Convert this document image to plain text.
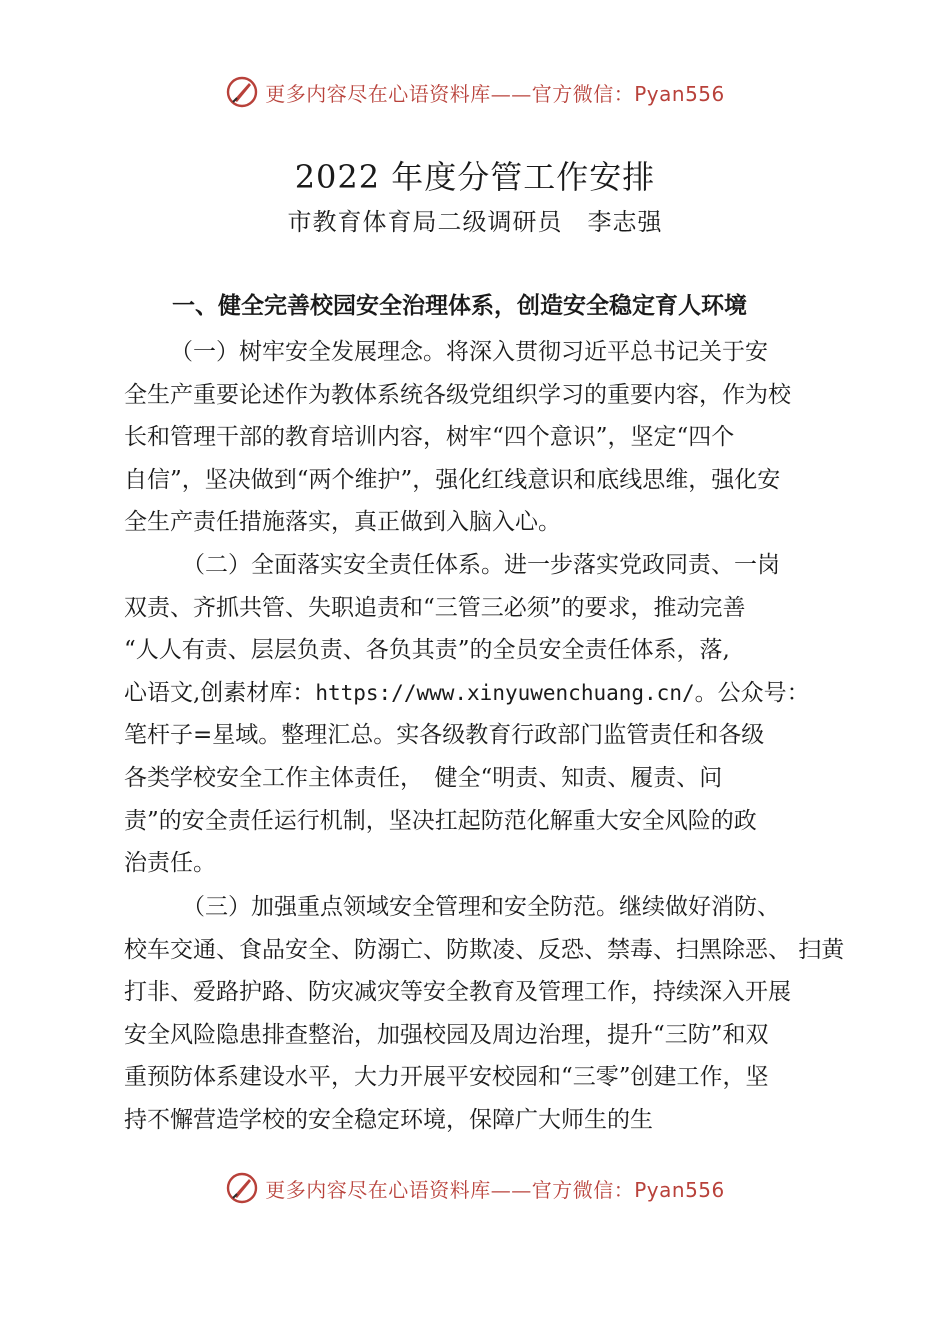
更多内容尽在心语资料库——官方微信：Pyan556
2022 年度分管工作安排

市教育体育局二级调研员　李志强

一、健全完善校园安全治理体系，创造安全稳定育人环境
（一）树牢安全发展理念。将深入贯彻习近平总书记关于安
全生产重要论述作为教体系统各级党组织学习的重要内容，作为校
长和管理干部的教育培训内容，树牢“四个意识”，坚定“四个
自信”，坚决做到“两个维护”，强化红线意识和底线思维，强化安
全生产责任措施落实，真正做到入脑入心。
（二）全面落实安全责任体系。进一步落实党政同责、一岗
双责、齐抓共管、失职追责和“三管三必须”的要求，推动完善
“人人有责、层层负责、各负其责”的全员安全责任体系，落,
心语文,创素材库：https://www.xinyuwenchuang.cn/。公众号：
笔杆子=星域。整理汇总。实各级教育行政部门监管责任和各级
各类学校安全工作主体责任，　健全“明责、知责、履责、问
责”的安全责任运行机制，坚决扛起防范化解重大安全风险的政
治责任。
（三）加强重点领域安全管理和安全防范。继续做好消防、
校车交通、食品安全、防溺亡、防欺凌、反恐、禁毒、扫黑除恶、 扫黄
打非、爱路护路、防灾减灾等安全教育及管理工作，持续深入开展
安全风险隐患排查整治，加强校园及周边治理，提升“三防”和双
重预防体系建设水平，大力开展平安校园和“三零”创建工作，坚
持不懈营造学校的安全稳定环境，保障广大师生的生
更多内容尽在心语资料库——官方微信：Pyan556
